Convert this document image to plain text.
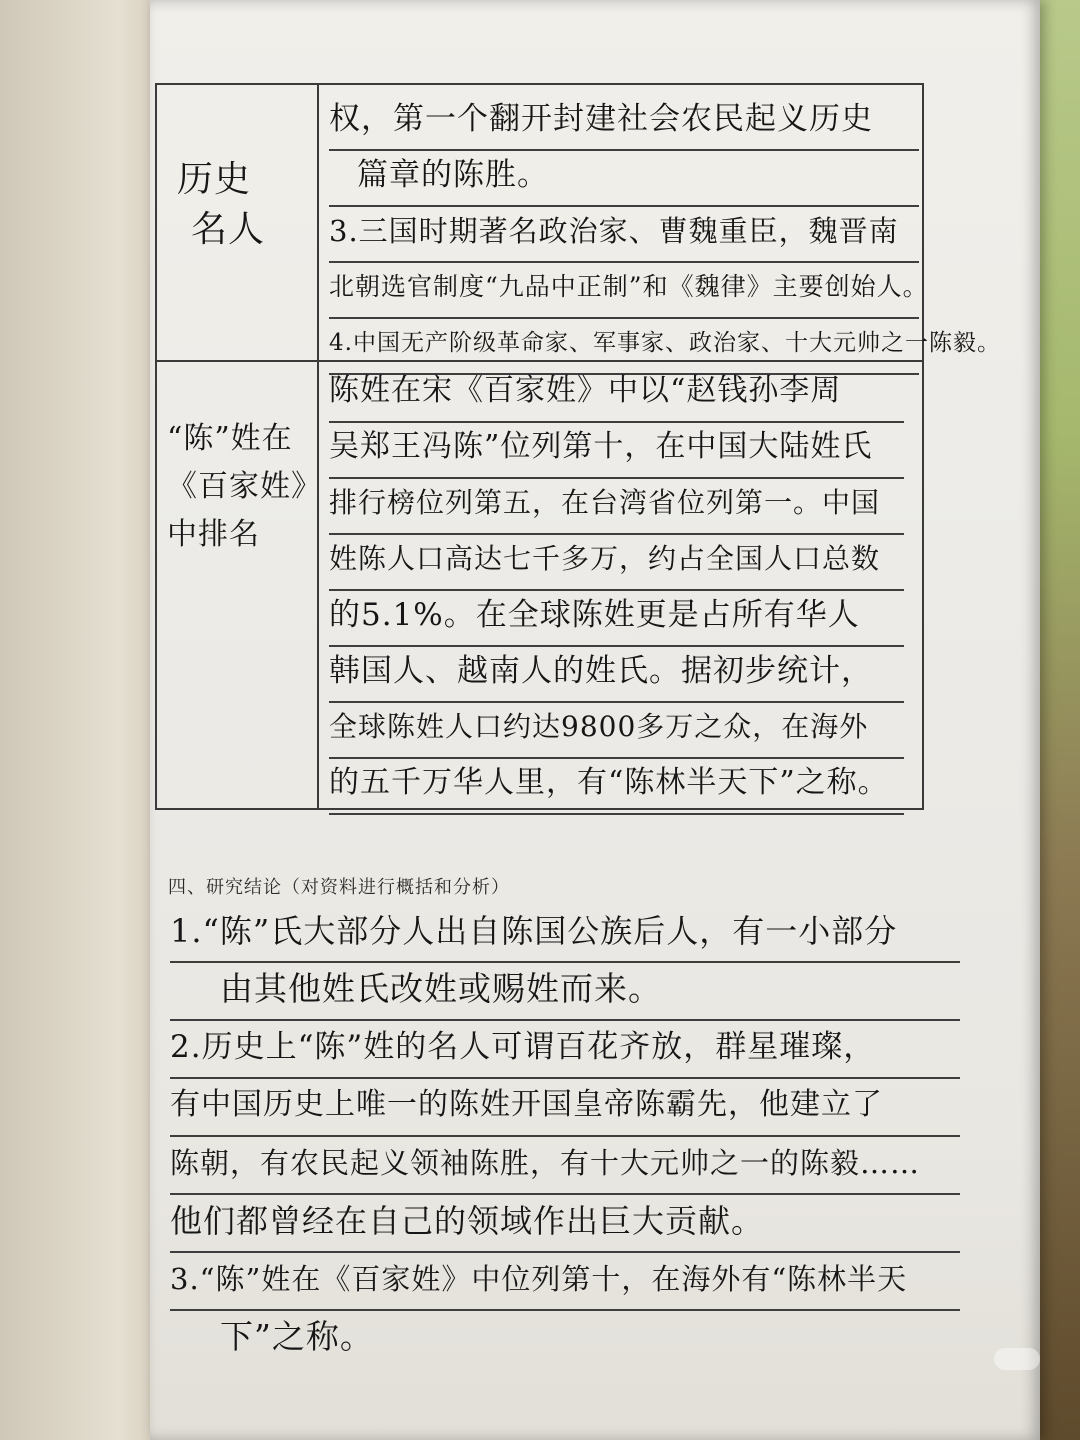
历史
名人
权，第一个翻开封建社会农民起义历史
篇章的陈胜。
3.三国时期著名政治家、曹魏重臣，魏晋南
北朝选官制度“九品中正制”和《魏律》主要创始人。
4.中国无产阶级革命家、军事家、政治家、十大元帅之一陈毅。
“陈”姓在
《百家姓》
中排名
陈姓在宋《百家姓》中以“赵钱孙李周
吴郑王冯陈”位列第十，在中国大陆姓氏
排行榜位列第五，在台湾省位列第一。中国
姓陈人口高达七千多万，约占全国人口总数
的5.1%。在全球陈姓更是占所有华人
韩国人、越南人的姓氏。据初步统计，
全球陈姓人口约达9800多万之众，在海外
的五千万华人里，有“陈林半天下”之称。
四、研究结论（对资料进行概括和分析）
1.“陈”氏大部分人出自陈国公族后人，有一小部分
由其他姓氏改姓或赐姓而来。
2.历史上“陈”姓的名人可谓百花齐放，群星璀璨，
有中国历史上唯一的陈姓开国皇帝陈霸先，他建立了
陈朝，有农民起义领袖陈胜，有十大元帅之一的陈毅……
他们都曾经在自己的领域作出巨大贡献。
3.“陈”姓在《百家姓》中位列第十，在海外有“陈林半天
下”之称。
